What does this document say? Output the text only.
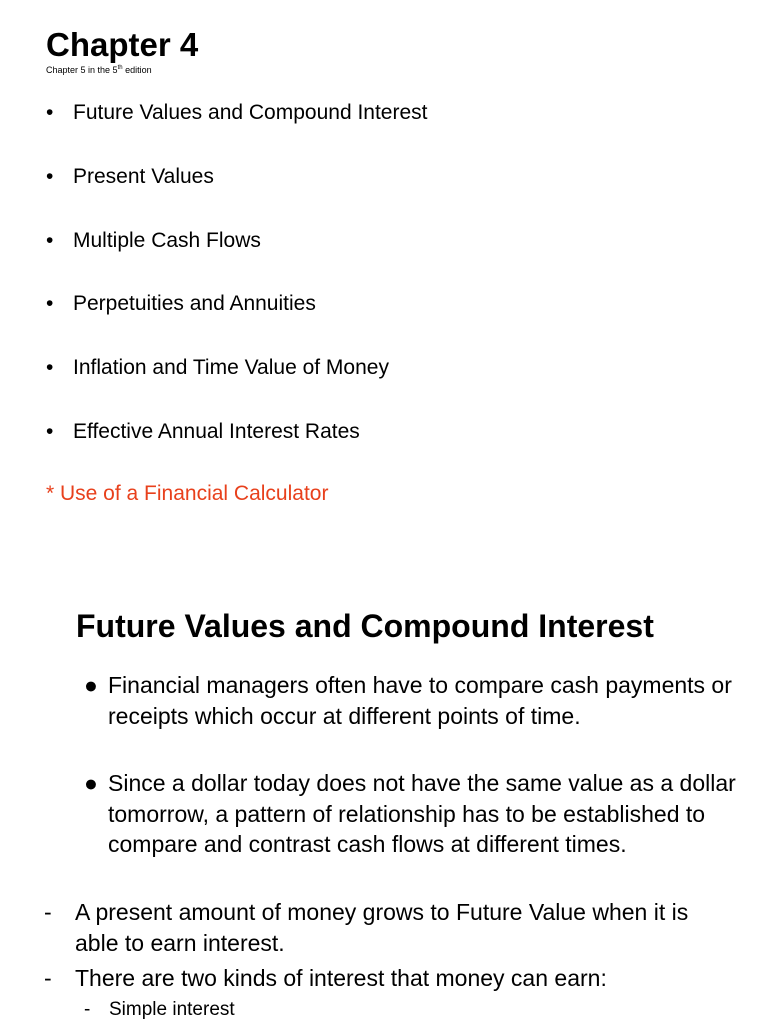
Chapter 4
Chapter 5 in the 5th edition
• Future Values and Compound Interest
• Present Values
• Multiple Cash Flows
• Perpetuities and Annuities
• Inflation and Time Value of Money
• Effective Annual Interest Rates
* Use of a Financial Calculator
Future Values and Compound Interest
● Financial managers often have to compare cash payments or receipts which occur at different points of time.
● Since a dollar today does not have the same value as a dollar tomorrow, a pattern of relationship has to be established to compare and contrast cash flows at different times.
-	A present amount of money grows to Future Value when it is able to earn interest.
-	There are two kinds of interest that money can earn:
- Simple interest
